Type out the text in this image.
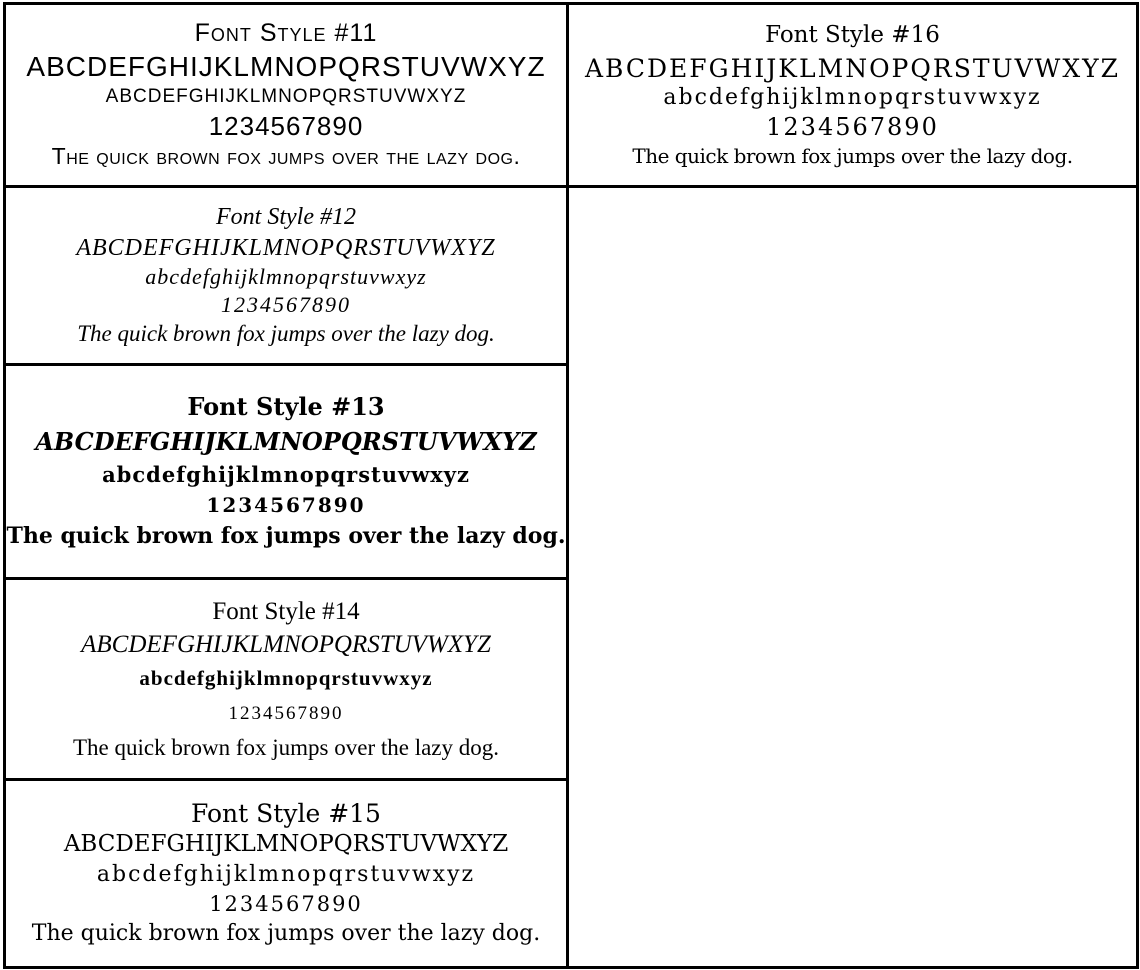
Font Style #11
ABCDEFGHIJKLMNOPQRSTUVWXYZ
ABCDEFGHIJKLMNOPQRSTUVWXYZ
1234567890
The quick brown fox jumps over the lazy dog.
Font Style #16
ABCDEFGHIJKLMNOPQRSTUVWXYZ
abcdefghijklmnopqrstuvwxyz
1234567890
The quick brown fox jumps over the lazy dog.
Font Style #12
ABCDEFGHIJKLMNOPQRSTUVWXYZ
abcdefghijklmnopqrstuvwxyz
1234567890
The quick brown fox jumps over the lazy dog.
Font Style #13
ABCDEFGHIJKLMNOPQRSTUVWXYZ
abcdefghijklmnopqrstuvwxyz
1234567890
The quick brown fox jumps over the lazy dog.
Font Style #14
ABCDEFGHIJKLMNOPQRSTUVWXYZ
abcdefghijklmnopqrstuvwxyz
1234567890
The quick brown fox jumps over the lazy dog.
Font Style #15
ABCDEFGHIJKLMNOPQRSTUVWXYZ
abcdefghijklmnopqrstuvwxyz
1234567890
The quick brown fox jumps over the lazy dog.
